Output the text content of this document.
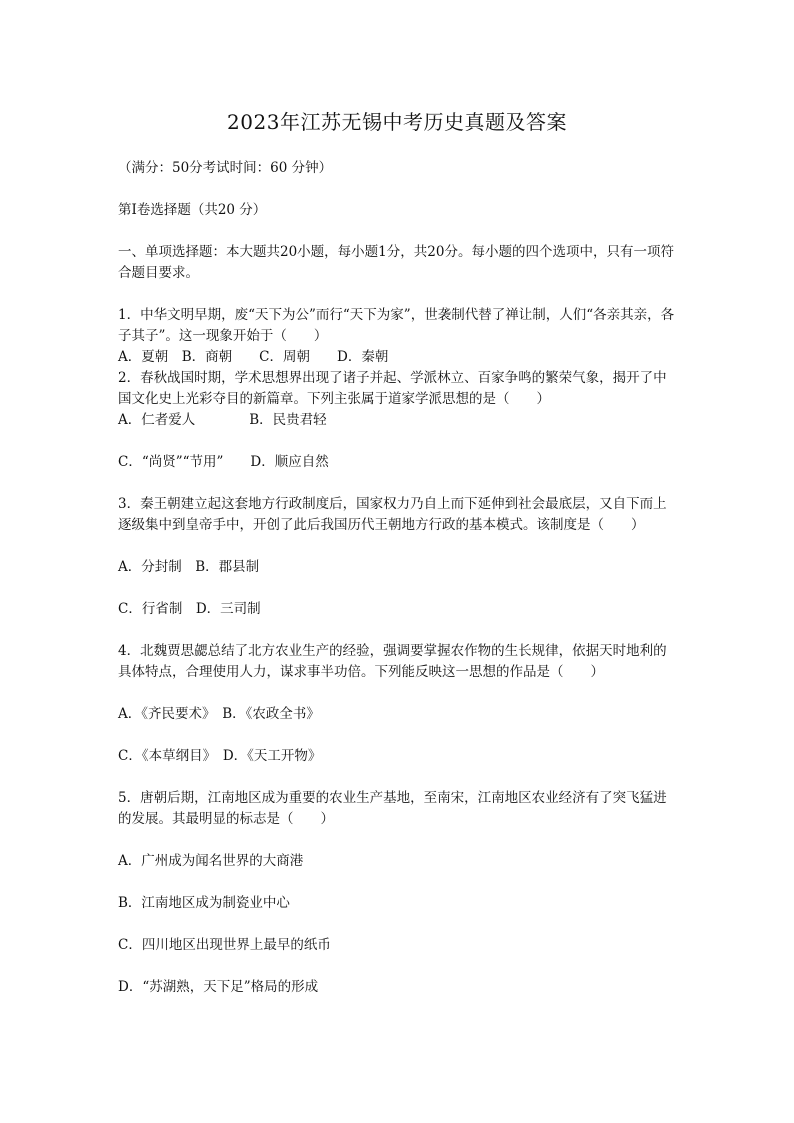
2023年江苏无锡中考历史真题及答案

（满分：50分考试时间：60 分钟）

第Ⅰ卷选择题（共20 分）

一、单项选择题：本大题共20小题，每小题1分，共20分。每小题的四个选项中，只有一项符合题目要求。

1．中华文明早期，废“天下为公”而行“天下为家”，世袭制代替了禅让制，人们“各亲其亲，各子其子”。这一现象开始于（　　）

A．夏朝　B．商朝　　C．周朝　　D．秦朝

2．春秋战国时期，学术思想界出现了诸子并起、学派林立、百家争鸣的繁荣气象，揭开了中国文化史上光彩夺目的新篇章。下列主张属于道家学派思想的是（　　）

A．仁者爱人　　　　B．民贵君轻

C．“尚贤”“节用”　　D．顺应自然

3．秦王朝建立起这套地方行政制度后，国家权力乃自上而下延伸到社会最底层，又自下而上逐级集中到皇帝手中，开创了此后我国历代王朝地方行政的基本模式。该制度是（　　）

A．分封制　B．郡县制

C．行省制　D．三司制

4．北魏贾思勰总结了北方农业生产的经验，强调要掌握农作物的生长规律，依据天时地利的具体特点，合理使用人力，谋求事半功倍。下列能反映这一思想的作品是（　　）

A．《齐民要术》　B．《农政全书》

C．《本草纲目》　D．《天工开物》

5．唐朝后期，江南地区成为重要的农业生产基地，至南宋，江南地区农业经济有了突飞猛进的发展。其最明显的标志是（　　）

A．广州成为闻名世界的大商港

B．江南地区成为制瓷业中心

C．四川地区出现世界上最早的纸币

D．“苏湖熟，天下足”格局的形成
